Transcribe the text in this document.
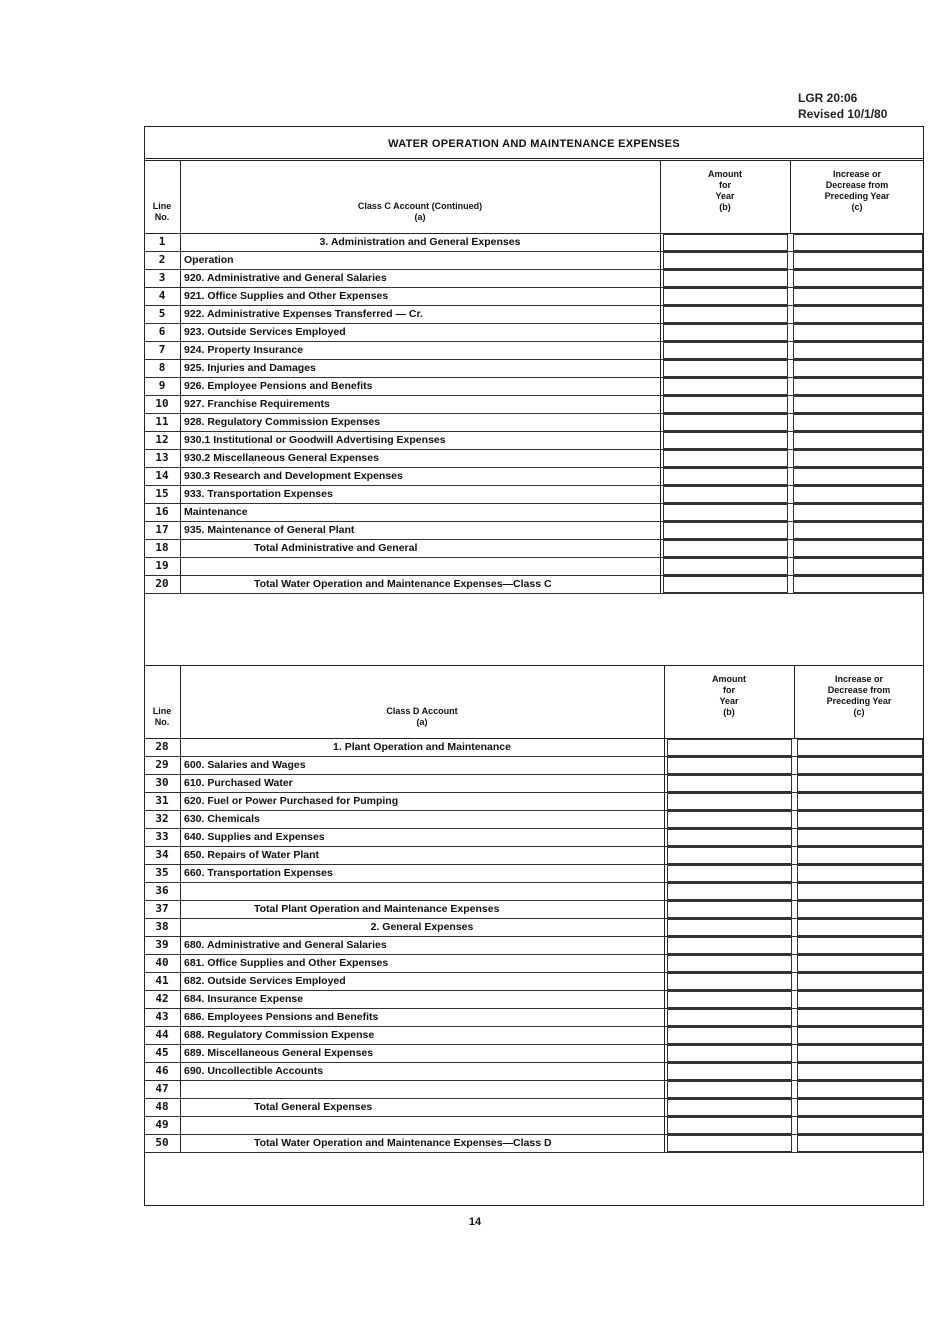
LGR 20:06
Revised 10/1/80
WATER OPERATION AND MAINTENANCE EXPENSES
Line
No.
Class C Account (Continued)
(a)
Amount
for
Year
(b)
Increase or
Decrease from
Preceding Year
(c)
1	3. Administration and General Expenses
2	Operation
3	920. Administrative and General Salaries
4	921. Office Supplies and Other Expenses
5	922. Administrative Expenses Transferred — Cr.
6	923. Outside Services Employed
7	924. Property Insurance
8	925. Injuries and Damages
9	926. Employee Pensions and Benefits
10	927. Franchise Requirements
11	928. Regulatory Commission Expenses
12	930.1 Institutional or Goodwill Advertising Expenses
13	930.2 Miscellaneous General Expenses
14	930.3 Research and Development Expenses
15	933. Transportation Expenses
16	Maintenance
17	935. Maintenance of General Plant
18	Total Administrative and General
19
20	Total Water Operation and Maintenance Expenses—Class C
Line
No.
Class D Account
(a)
Amount
for
Year
(b)
Increase or
Decrease from
Preceding Year
(c)
28	1. Plant Operation and Maintenance
29	600. Salaries and Wages
30	610. Purchased Water
31	620. Fuel or Power Purchased for Pumping
32	630. Chemicals
33	640. Supplies and Expenses
34	650. Repairs of Water Plant
35	660. Transportation Expenses
36
37	Total Plant Operation and Maintenance Expenses
38	2. General Expenses
39	680. Administrative and General Salaries
40	681. Office Supplies and Other Expenses
41	682. Outside Services Employed
42	684. Insurance Expense
43	686. Employees Pensions and Benefits
44	688. Regulatory Commission Expense
45	689. Miscellaneous General Expenses
46	690. Uncollectible Accounts
47
48	Total General Expenses
49
50	Total Water Operation and Maintenance Expenses—Class D
14
